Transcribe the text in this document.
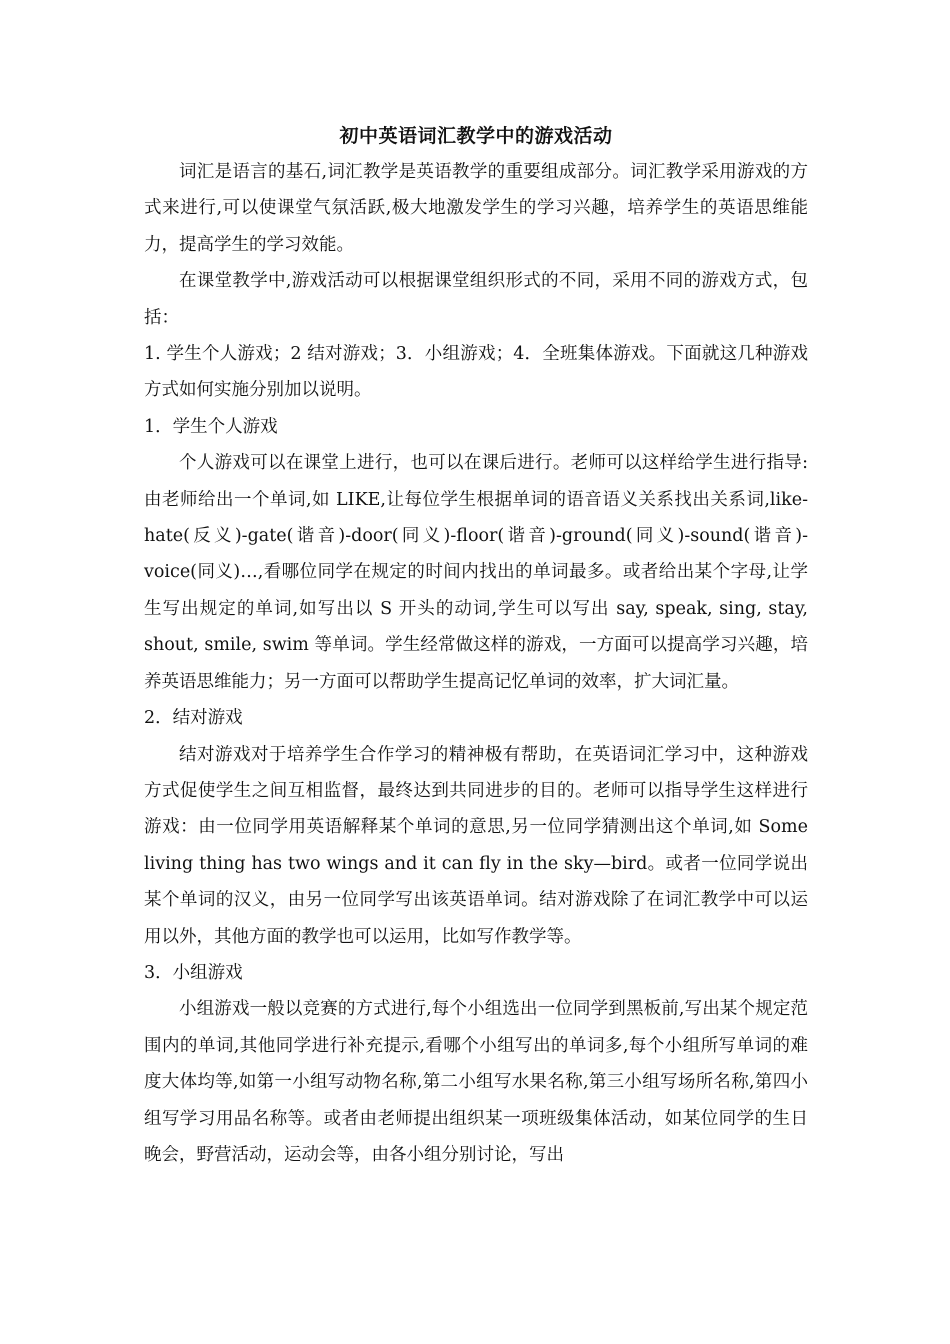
初中英语词汇教学中的游戏活动

词汇是语言的基石,词汇教学是英语教学的重要组成部分。词汇教学采用游戏的方式来进行,可以使课堂气氛活跃,极大地激发学生的学习兴趣，培养学生的英语思维能力，提高学生的学习效能。

在课堂教学中,游戏活动可以根据课堂组织形式的不同，采用不同的游戏方式，包括：

1. 学生个人游戏；2 结对游戏；3．小组游戏；4．全班集体游戏。下面就这几种游戏方式如何实施分别加以说明。

1．学生个人游戏

个人游戏可以在课堂上进行，也可以在课后进行。老师可以这样给学生进行指导:由老师给出一个单词,如 LIKE,让每位学生根据单词的语音语义关系找出关系词,like-hate(反义)-gate(谐音)-door(同义)-floor(谐音)-ground(同义)-sound(谐音)-voice(同义)…,看哪位同学在规定的时间内找出的单词最多。或者给出某个字母,让学生写出规定的单词,如写出以 S 开头的动词,学生可以写出 say, speak, sing, stay, shout, smile, swim 等单词。学生经常做这样的游戏，一方面可以提高学习兴趣，培养英语思维能力；另一方面可以帮助学生提高记忆单词的效率，扩大词汇量。

2．结对游戏

结对游戏对于培养学生合作学习的精神极有帮助，在英语词汇学习中，这种游戏方式促使学生之间互相监督，最终达到共同进步的目的。老师可以指导学生这样进行游戏：由一位同学用英语解释某个单词的意思,另一位同学猜测出这个单词,如 Some living thing has two wings and it can fly in the sky—bird。或者一位同学说出某个单词的汉义，由另一位同学写出该英语单词。结对游戏除了在词汇教学中可以运用以外，其他方面的教学也可以运用，比如写作教学等。

3．小组游戏

小组游戏一般以竞赛的方式进行,每个小组选出一位同学到黑板前,写出某个规定范围内的单词,其他同学进行补充提示,看哪个小组写出的单词多,每个小组所写单词的难度大体均等,如第一小组写动物名称,第二小组写水果名称,第三小组写场所名称,第四小组写学习用品名称等。或者由老师提出组织某一项班级集体活动，如某位同学的生日晚会，野营活动，运动会等，由各小组分别讨论，写出
